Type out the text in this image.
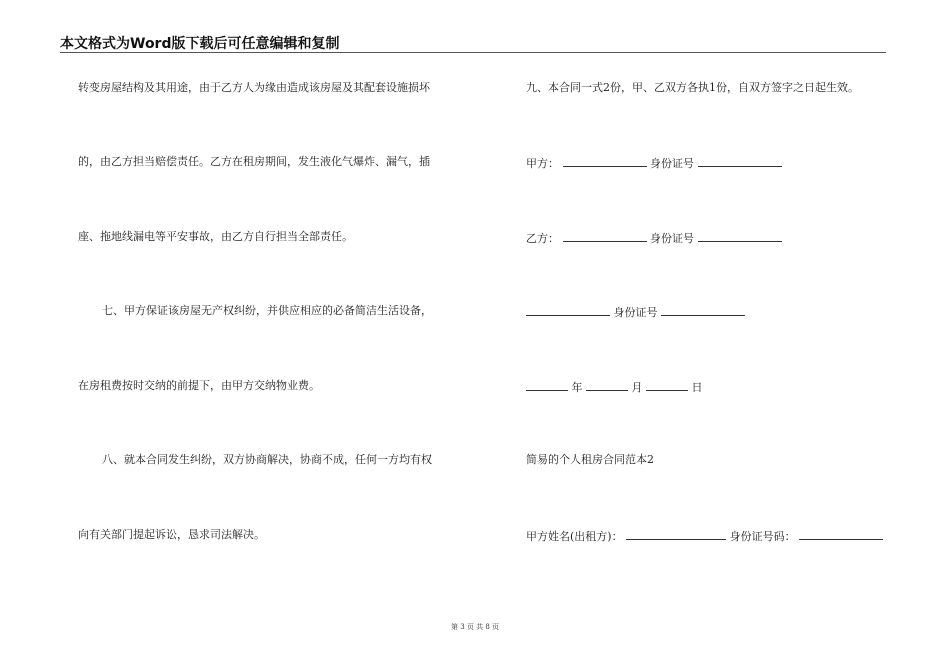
本文格式为Word版下载后可任意编辑和复制
转变房屋结构及其用途，由于乙方人为缘由造成该房屋及其配套设施损坏
的，由乙方担当赔偿责任。乙方在租房期间，发生液化气爆炸、漏气，插
座、拖地线漏电等平安事故，由乙方自行担当全部责任。
七、甲方保证该房屋无产权纠纷，并供应相应的必备简洁生活设备，
在房租费按时交纳的前提下，由甲方交纳物业费。
八、就本合同发生纠纷，双方协商解决，协商不成，任何一方均有权
向有关部门提起诉讼，恳求司法解决。
九、本合同一式2份，甲、乙双方各执1份，自双方签字之日起生效。
甲方：	身份证号
乙方：	身份证号
身份证号
年	月	日
简易的个人租房合同范本2
甲方姓名(出租方)：	身份证号码：
第 3 页 共 8 页
